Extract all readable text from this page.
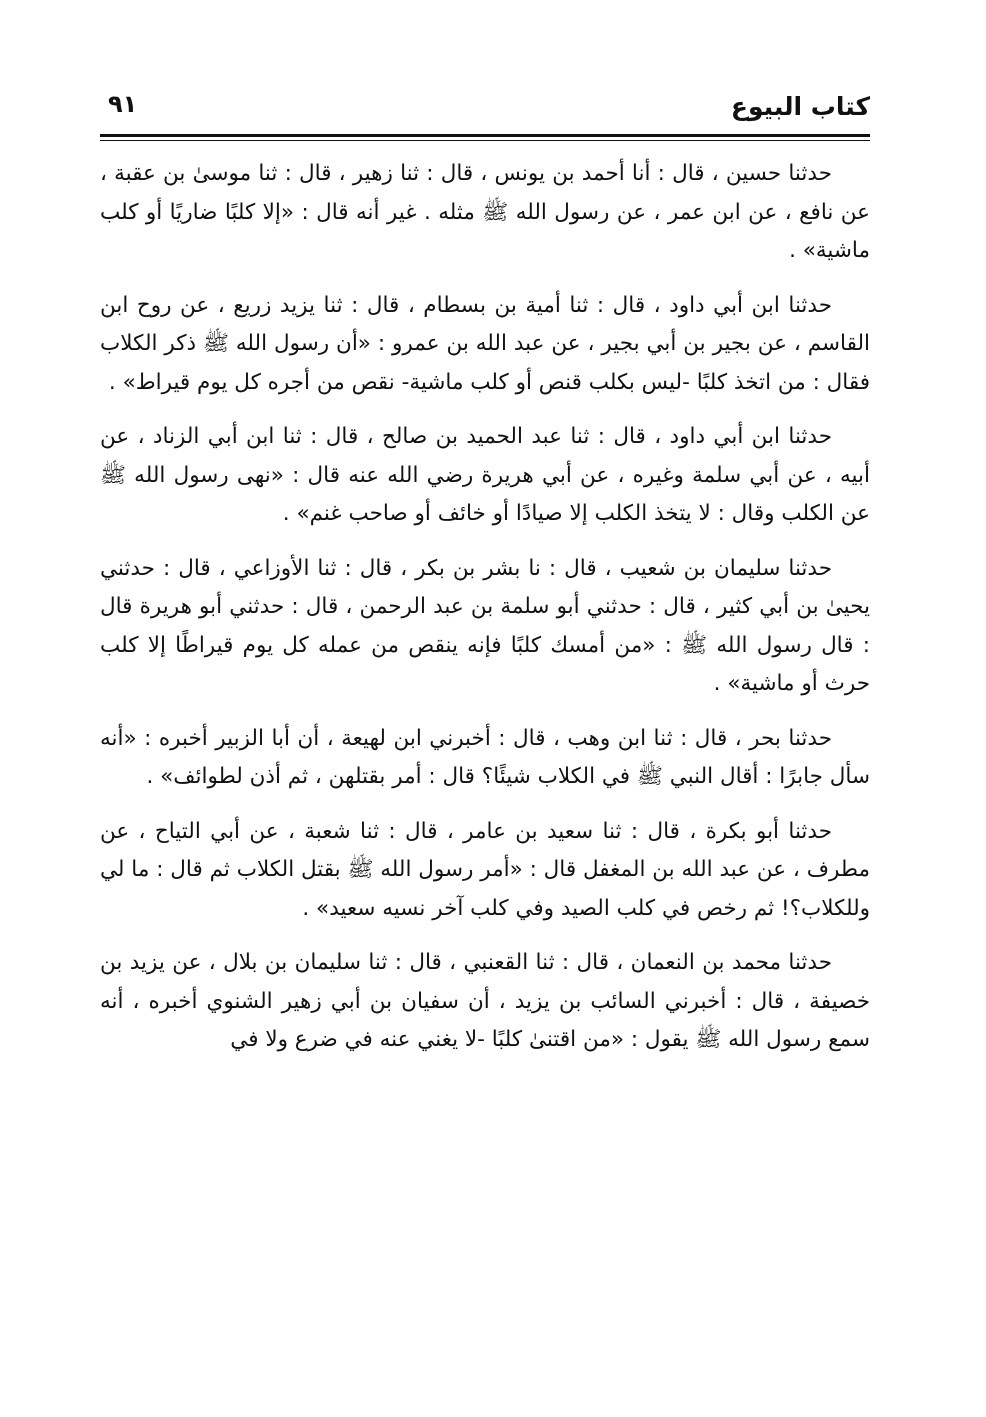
كتاب البيوع
٩١

حدثنا حسين ، قال : أنا أحمد بن يونس ، قال : ثنا زهير ، قال : ثنا موسىٰ بن عقبة ، عن نافع ، عن ابن عمر ، عن رسول الله ﷺ مثله . غير أنه قال : «إلا كلبًا ضاريًا أو كلب ماشية» .

حدثنا ابن أبي داود ، قال : ثنا أمية بن بسطام ، قال : ثنا يزيد زريع ، عن روح ابن القاسم ، عن بجير بن أبي بجير ، عن عبد الله بن عمرو : «أن رسول الله ﷺ ذكر الكلاب فقال : من اتخذ كلبًا -ليس بكلب قنص أو كلب ماشية- نقص من أجره كل يوم قيراط» .

حدثنا ابن أبي داود ، قال : ثنا عبد الحميد بن صالح ، قال : ثنا ابن أبي الزناد ، عن أبيه ، عن أبي سلمة وغيره ، عن أبي هريرة رضي الله عنه قال : «نهى رسول الله ﷺ عن الكلب وقال : لا يتخذ الكلب إلا صيادًا أو خائف أو صاحب غنم» .

حدثنا سليمان بن شعيب ، قال : نا بشر بن بكر ، قال : ثنا الأوزاعي ، قال : حدثني يحيىٰ بن أبي كثير ، قال : حدثني أبو سلمة بن عبد الرحمن ، قال : حدثني أبو هريرة قال : قال رسول الله ﷺ : «من أمسك كلبًا فإنه ينقص من عمله كل يوم قيراطًا إلا كلب حرث أو ماشية» .

حدثنا بحر ، قال : ثنا ابن وهب ، قال : أخبرني ابن لهيعة ، أن أبا الزبير أخبره : «أنه سأل جابرًا : أقال النبي ﷺ في الكلاب شيئًا؟ قال : أمر بقتلهن ، ثم أذن لطوائف» .

حدثنا أبو بكرة ، قال : ثنا سعيد بن عامر ، قال : ثنا شعبة ، عن أبي التياح ، عن مطرف ، عن عبد الله بن المغفل قال : «أمر رسول الله ﷺ بقتل الكلاب ثم قال : ما لي وللكلاب؟! ثم رخص في كلب الصيد وفي كلب آخر نسيه سعيد» .

حدثنا محمد بن النعمان ، قال : ثنا القعنبي ، قال : ثنا سليمان بن بلال ، عن يزيد بن خصيفة ، قال : أخبرني السائب بن يزيد ، أن سفيان بن أبي زهير الشنوي أخبره ، أنه سمع رسول الله ﷺ يقول : «من اقتنىٰ كلبًا -لا يغني عنه في ضرع ولا في
